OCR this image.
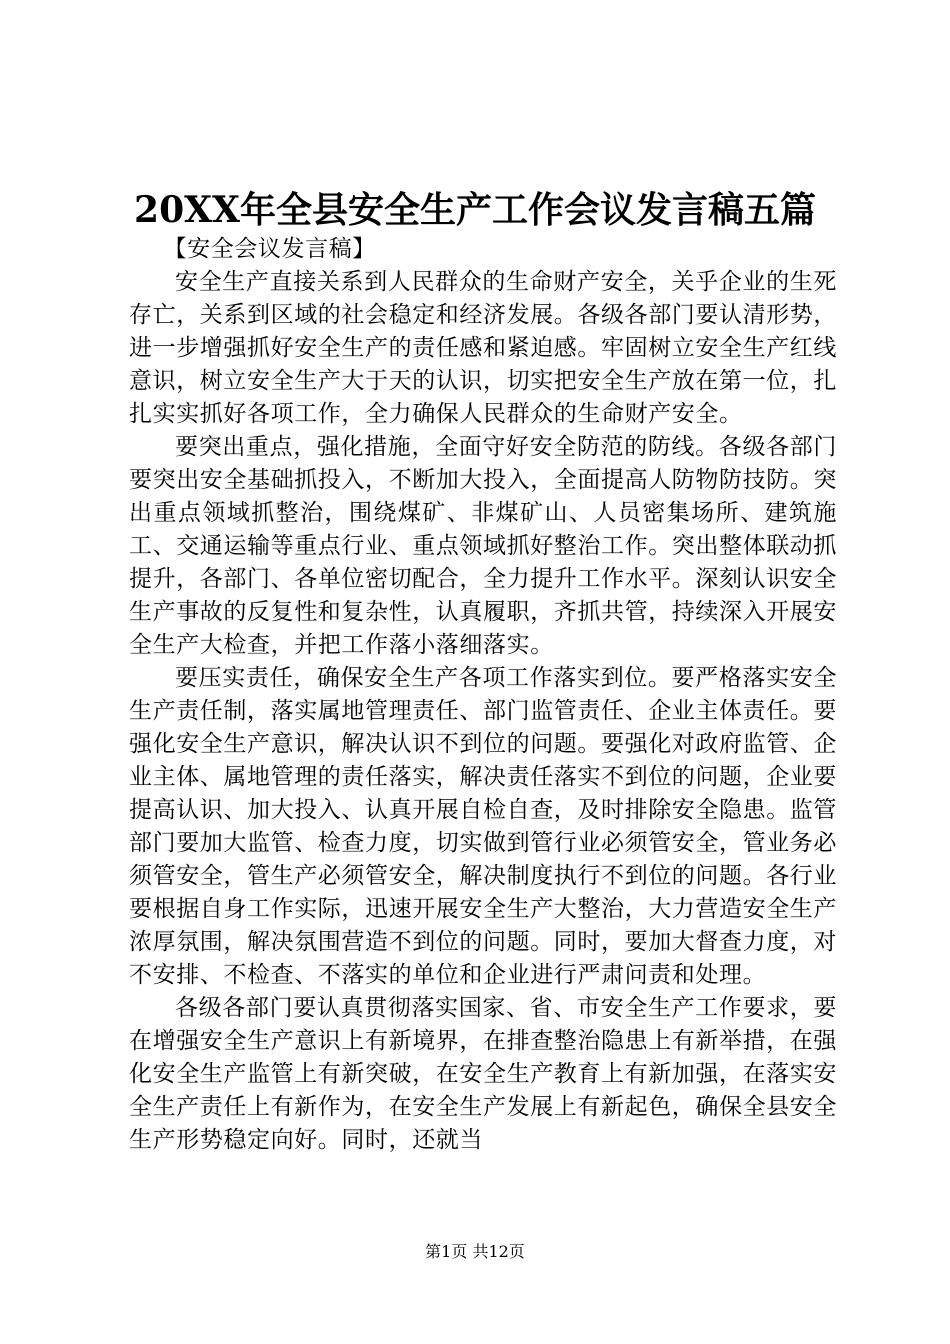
20XX年全县安全生产工作会议发言稿五篇

【安全会议发言稿】

安全生产直接关系到人民群众的生命财产安全，关乎企业的生死存亡，关系到区域的社会稳定和经济发展。各级各部门要认清形势，进一步增强抓好安全生产的责任感和紧迫感。牢固树立安全生产红线意识，树立安全生产大于天的认识，切实把安全生产放在第一位，扎扎实实抓好各项工作，全力确保人民群众的生命财产安全。

要突出重点，强化措施，全面守好安全防范的防线。各级各部门要突出安全基础抓投入，不断加大投入，全面提高人防物防技防。突出重点领域抓整治，围绕煤矿、非煤矿山、人员密集场所、建筑施工、交通运输等重点行业、重点领域抓好整治工作。突出整体联动抓提升，各部门、各单位密切配合，全力提升工作水平。深刻认识安全生产事故的反复性和复杂性，认真履职，齐抓共管，持续深入开展安全生产大检查，并把工作落小落细落实。

要压实责任，确保安全生产各项工作落实到位。要严格落实安全生产责任制，落实属地管理责任、部门监管责任、企业主体责任。要强化安全生产意识，解决认识不到位的问题。要强化对政府监管、企业主体、属地管理的责任落实，解决责任落实不到位的问题，企业要提高认识、加大投入、认真开展自检自查，及时排除安全隐患。监管部门要加大监管、检查力度，切实做到管行业必须管安全，管业务必须管安全，管生产必须管安全，解决制度执行不到位的问题。各行业要根据自身工作实际，迅速开展安全生产大整治，大力营造安全生产浓厚氛围，解决氛围营造不到位的问题。同时，要加大督查力度，对不安排、不检查、不落实的单位和企业进行严肃问责和处理。

各级各部门要认真贯彻落实国家、省、市安全生产工作要求，要在增强安全生产意识上有新境界，在排查整治隐患上有新举措，在强化安全生产监管上有新突破，在安全生产教育上有新加强，在落实安全生产责任上有新作为，在安全生产发展上有新起色，确保全县安全生产形势稳定向好。同时，还就当

第1页 共12页
